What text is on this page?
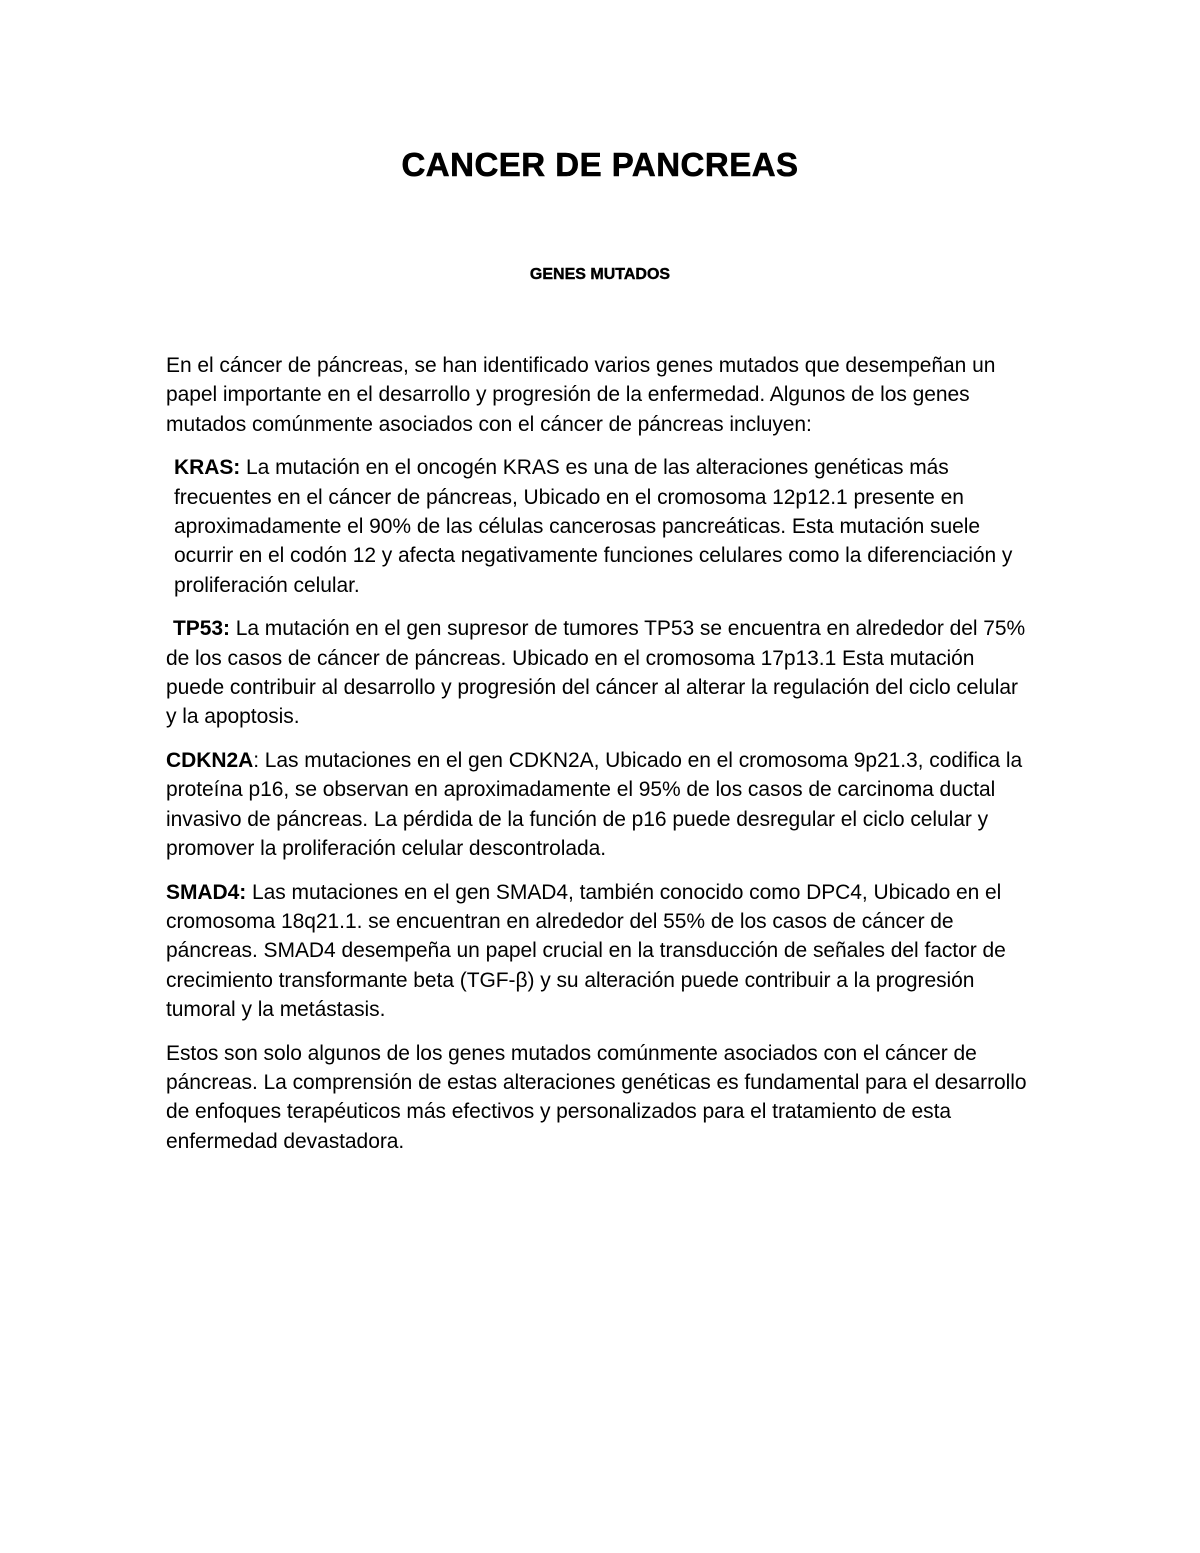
CANCER DE PANCREAS
GENES MUTADOS

En el cáncer de páncreas, se han identificado varios genes mutados que desempeñan un papel importante en el desarrollo y progresión de la enfermedad. Algunos de los genes mutados comúnmente asociados con el cáncer de páncreas incluyen:

KRAS: La mutación en el oncogén KRAS es una de las alteraciones genéticas más frecuentes en el cáncer de páncreas, Ubicado en el cromosoma 12p12.1 presente en aproximadamente el 90% de las células cancerosas pancreáticas. Esta mutación suele ocurrir en el codón 12 y afecta negativamente funciones celulares como la diferenciación y proliferación celular.

TP53: La mutación en el gen supresor de tumores TP53 se encuentra en alrededor del 75% de los casos de cáncer de páncreas. Ubicado en el cromosoma 17p13.1 Esta mutación puede contribuir al desarrollo y progresión del cáncer al alterar la regulación del ciclo celular y la apoptosis.

CDKN2A: Las mutaciones en el gen CDKN2A, Ubicado en el cromosoma 9p21.3, codifica la proteína p16, se observan en aproximadamente el 95% de los casos de carcinoma ductal invasivo de páncreas. La pérdida de la función de p16 puede desregular el ciclo celular y promover la proliferación celular descontrolada.

SMAD4: Las mutaciones en el gen SMAD4, también conocido como DPC4, Ubicado en el cromosoma 18q21.1. se encuentran en alrededor del 55% de los casos de cáncer de páncreas. SMAD4 desempeña un papel crucial en la transducción de señales del factor de crecimiento transformante beta (TGF-β) y su alteración puede contribuir a la progresión tumoral y la metástasis.

Estos son solo algunos de los genes mutados comúnmente asociados con el cáncer de páncreas. La comprensión de estas alteraciones genéticas es fundamental para el desarrollo de enfoques terapéuticos más efectivos y personalizados para el tratamiento de esta enfermedad devastadora.
